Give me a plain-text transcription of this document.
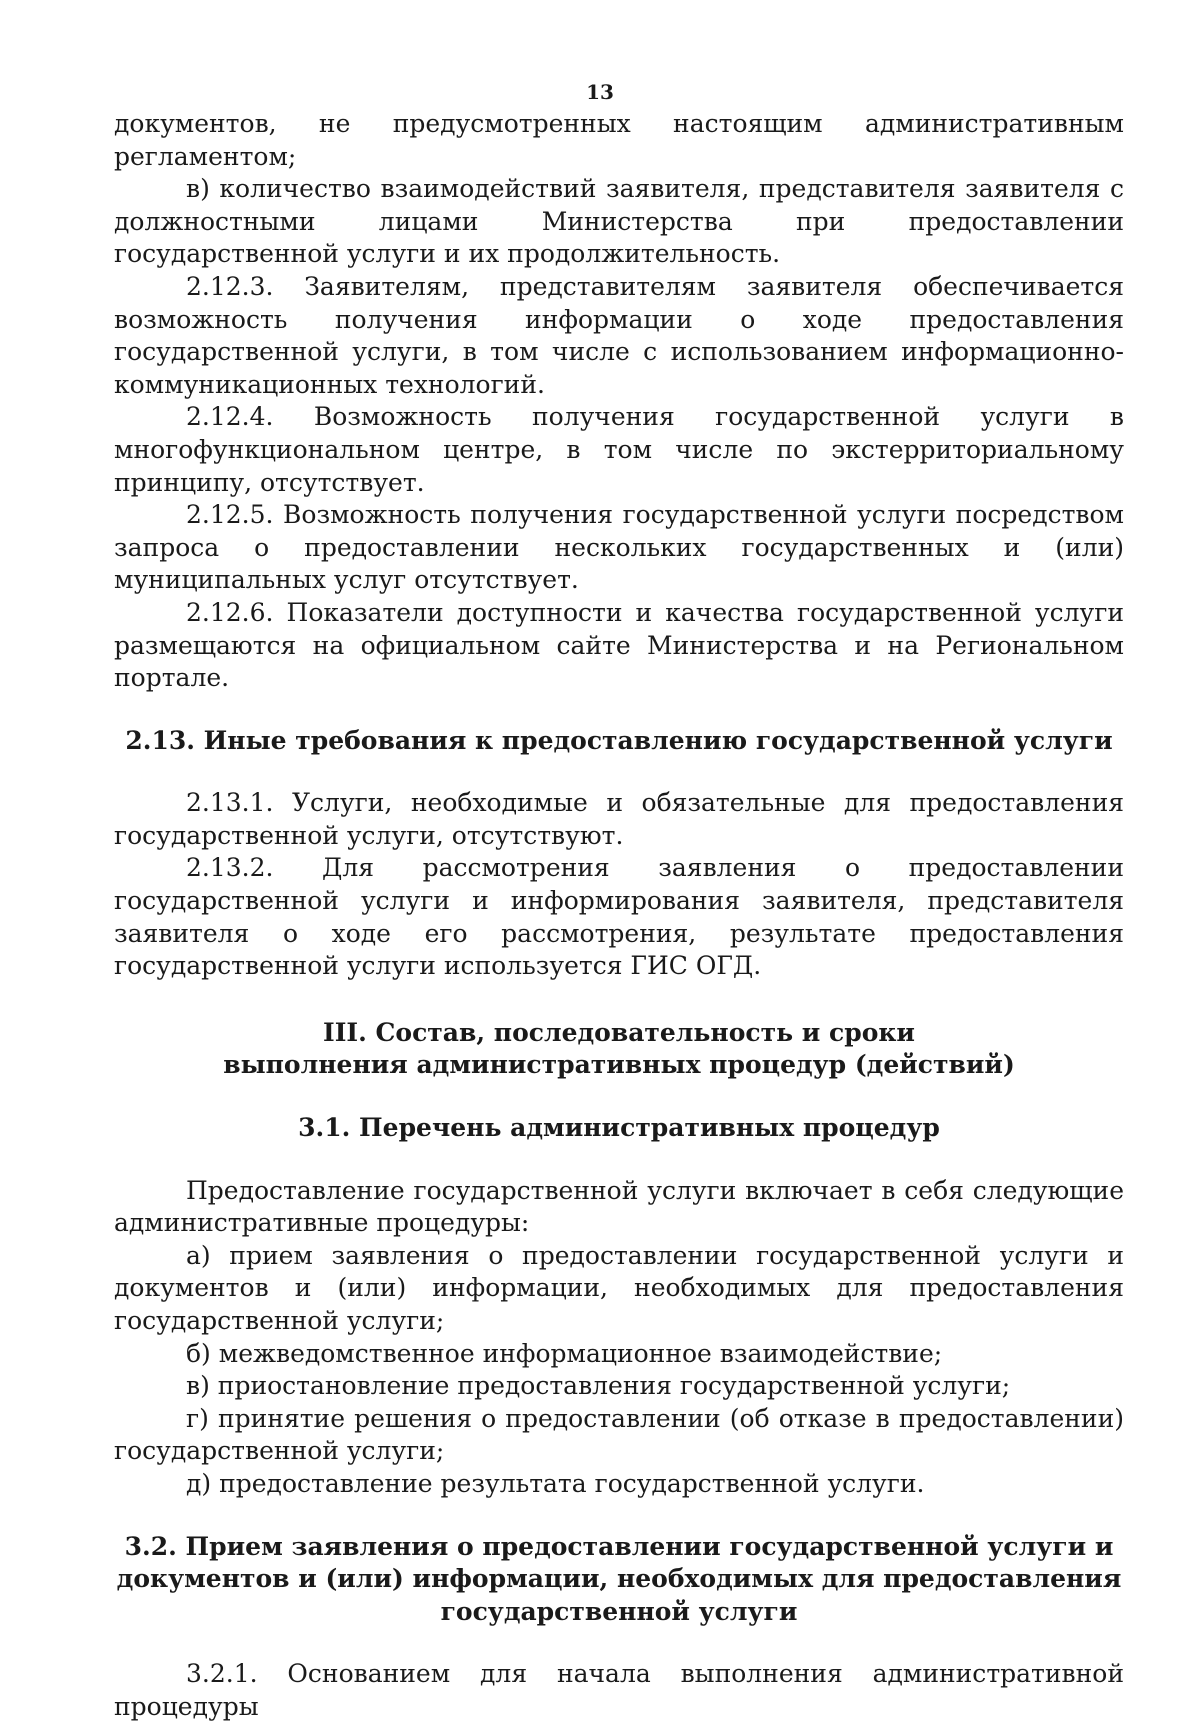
13

документов, не предусмотренных настоящим административным регламентом;

в) количество взаимодействий заявителя, представителя заявителя с должностными лицами Министерства при предоставлении государственной услуги и их продолжительность.

2.12.3. Заявителям, представителям заявителя обеспечивается возможность получения информации о ходе предоставления государственной услуги, в том числе с использованием информационно-коммуникационных технологий.

2.12.4. Возможность получения государственной услуги в многофункциональном центре, в том числе по экстерриториальному принципу, отсутствует.

2.12.5. Возможность получения государственной услуги посредством запроса о предоставлении нескольких государственных и (или) муниципальных услуг отсутствует.

2.12.6. Показатели доступности и качества государственной услуги размещаются на официальном сайте Министерства и на Региональном портале.

2.13. Иные требования к предоставлению государственной услуги

2.13.1. Услуги, необходимые и обязательные для предоставления государственной услуги, отсутствуют.

2.13.2. Для рассмотрения заявления о предоставлении государственной услуги и информирования заявителя, представителя заявителя о ходе его рассмотрения, результате предоставления государственной услуги используется ГИС ОГД.

III. Состав, последовательность и сроки

выполнения административных процедур (действий)

3.1. Перечень административных процедур

Предоставление государственной услуги включает в себя следующие административные процедуры:

а) прием заявления о предоставлении государственной услуги и документов и (или) информации, необходимых для предоставления государственной услуги;

б) межведомственное информационное взаимодействие;

в) приостановление предоставления государственной услуги;

г) принятие решения о предоставлении (об отказе в предоставлении) государственной услуги;

д) предоставление результата государственной услуги.

3.2. Прием заявления о предоставлении государственной услуги и

документов и (или) информации, необходимых для предоставления

государственной услуги

3.2.1. Основанием для начала выполнения административной процедуры
